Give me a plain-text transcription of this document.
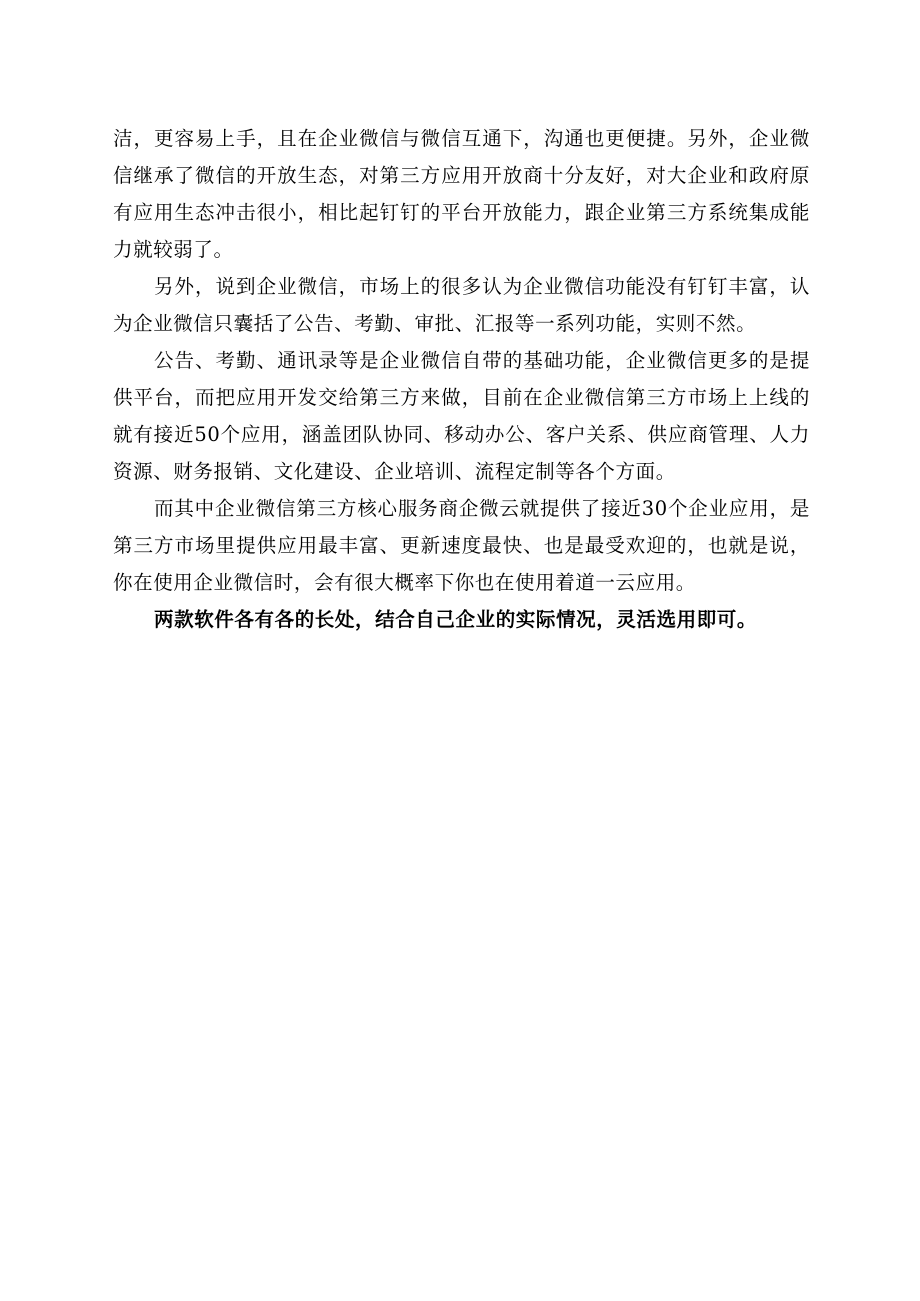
洁，更容易上手，且在企业微信与微信互通下，沟通也更便捷。另外，企业微信继承了微信的开放生态，对第三方应用开放商十分友好，对大企业和政府原有应用生态冲击很小，相比起钉钉的平台开放能力，跟企业第三方系统集成能力就较弱了。

另外，说到企业微信，市场上的很多认为企业微信功能没有钉钉丰富，认为企业微信只囊括了公告、考勤、审批、汇报等一系列功能，实则不然。

公告、考勤、通讯录等是企业微信自带的基础功能，企业微信更多的是提供平台，而把应用开发交给第三方来做，目前在企业微信第三方市场上上线的就有接近50个应用，涵盖团队协同、移动办公、客户关系、供应商管理、人力资源、财务报销、文化建设、企业培训、流程定制等各个方面。

而其中企业微信第三方核心服务商企微云就提供了接近30个企业应用，是第三方市场里提供应用最丰富、更新速度最快、也是最受欢迎的，也就是说，你在使用企业微信时，会有很大概率下你也在使用着道一云应用。

两款软件各有各的长处，结合自己企业的实际情况，灵活选用即可。
